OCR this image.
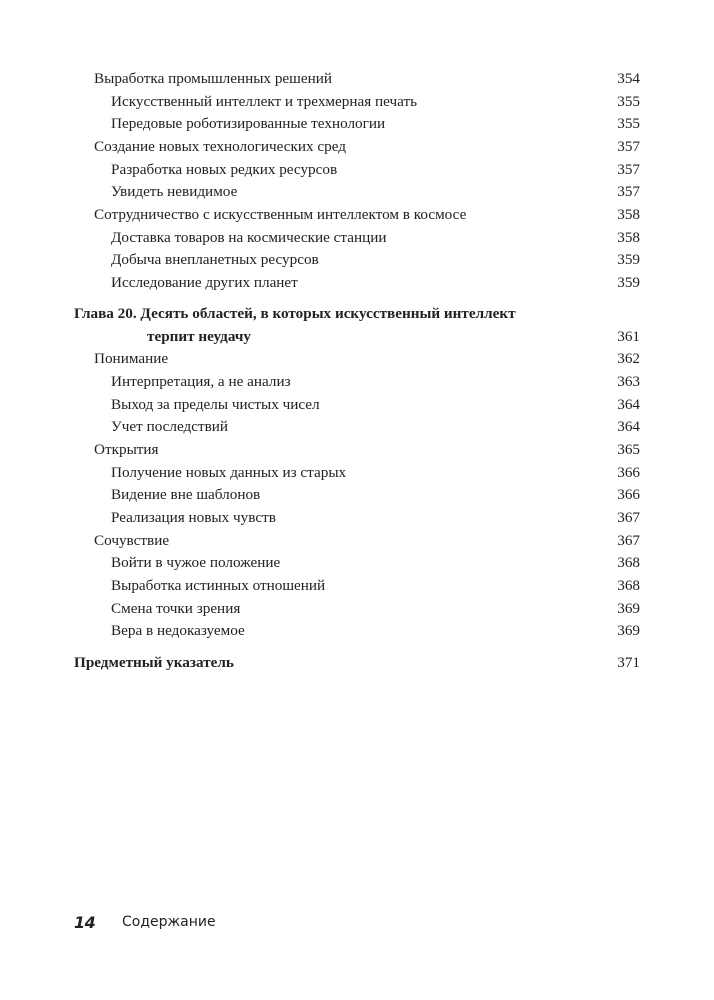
Выработка промышленных решений	354
Искусственный интеллект и трехмерная печать	355
Передовые роботизированные технологии	355
Создание новых технологических сред	357
Разработка новых редких ресурсов	357
Увидеть невидимое	357
Сотрудничество с искусственным интеллектом в космосе	358
Доставка товаров на космические станции	358
Добыча внепланетных ресурсов	359
Исследование других планет	359
Глава 20. Десять областей, в которых искусственный интеллект
терпит неудачу	361
Понимание	362
Интерпретация, а не анализ	363
Выход за пределы чистых чисел	364
Учет последствий	364
Открытия	365
Получение новых данных из старых	366
Видение вне шаблонов	366
Реализация новых чувств	367
Сочувствие	367
Войти в чужое положение	368
Выработка истинных отношений	368
Смена точки зрения	369
Вера в недоказуемое	369
Предметный указатель	371
14	Содержание
